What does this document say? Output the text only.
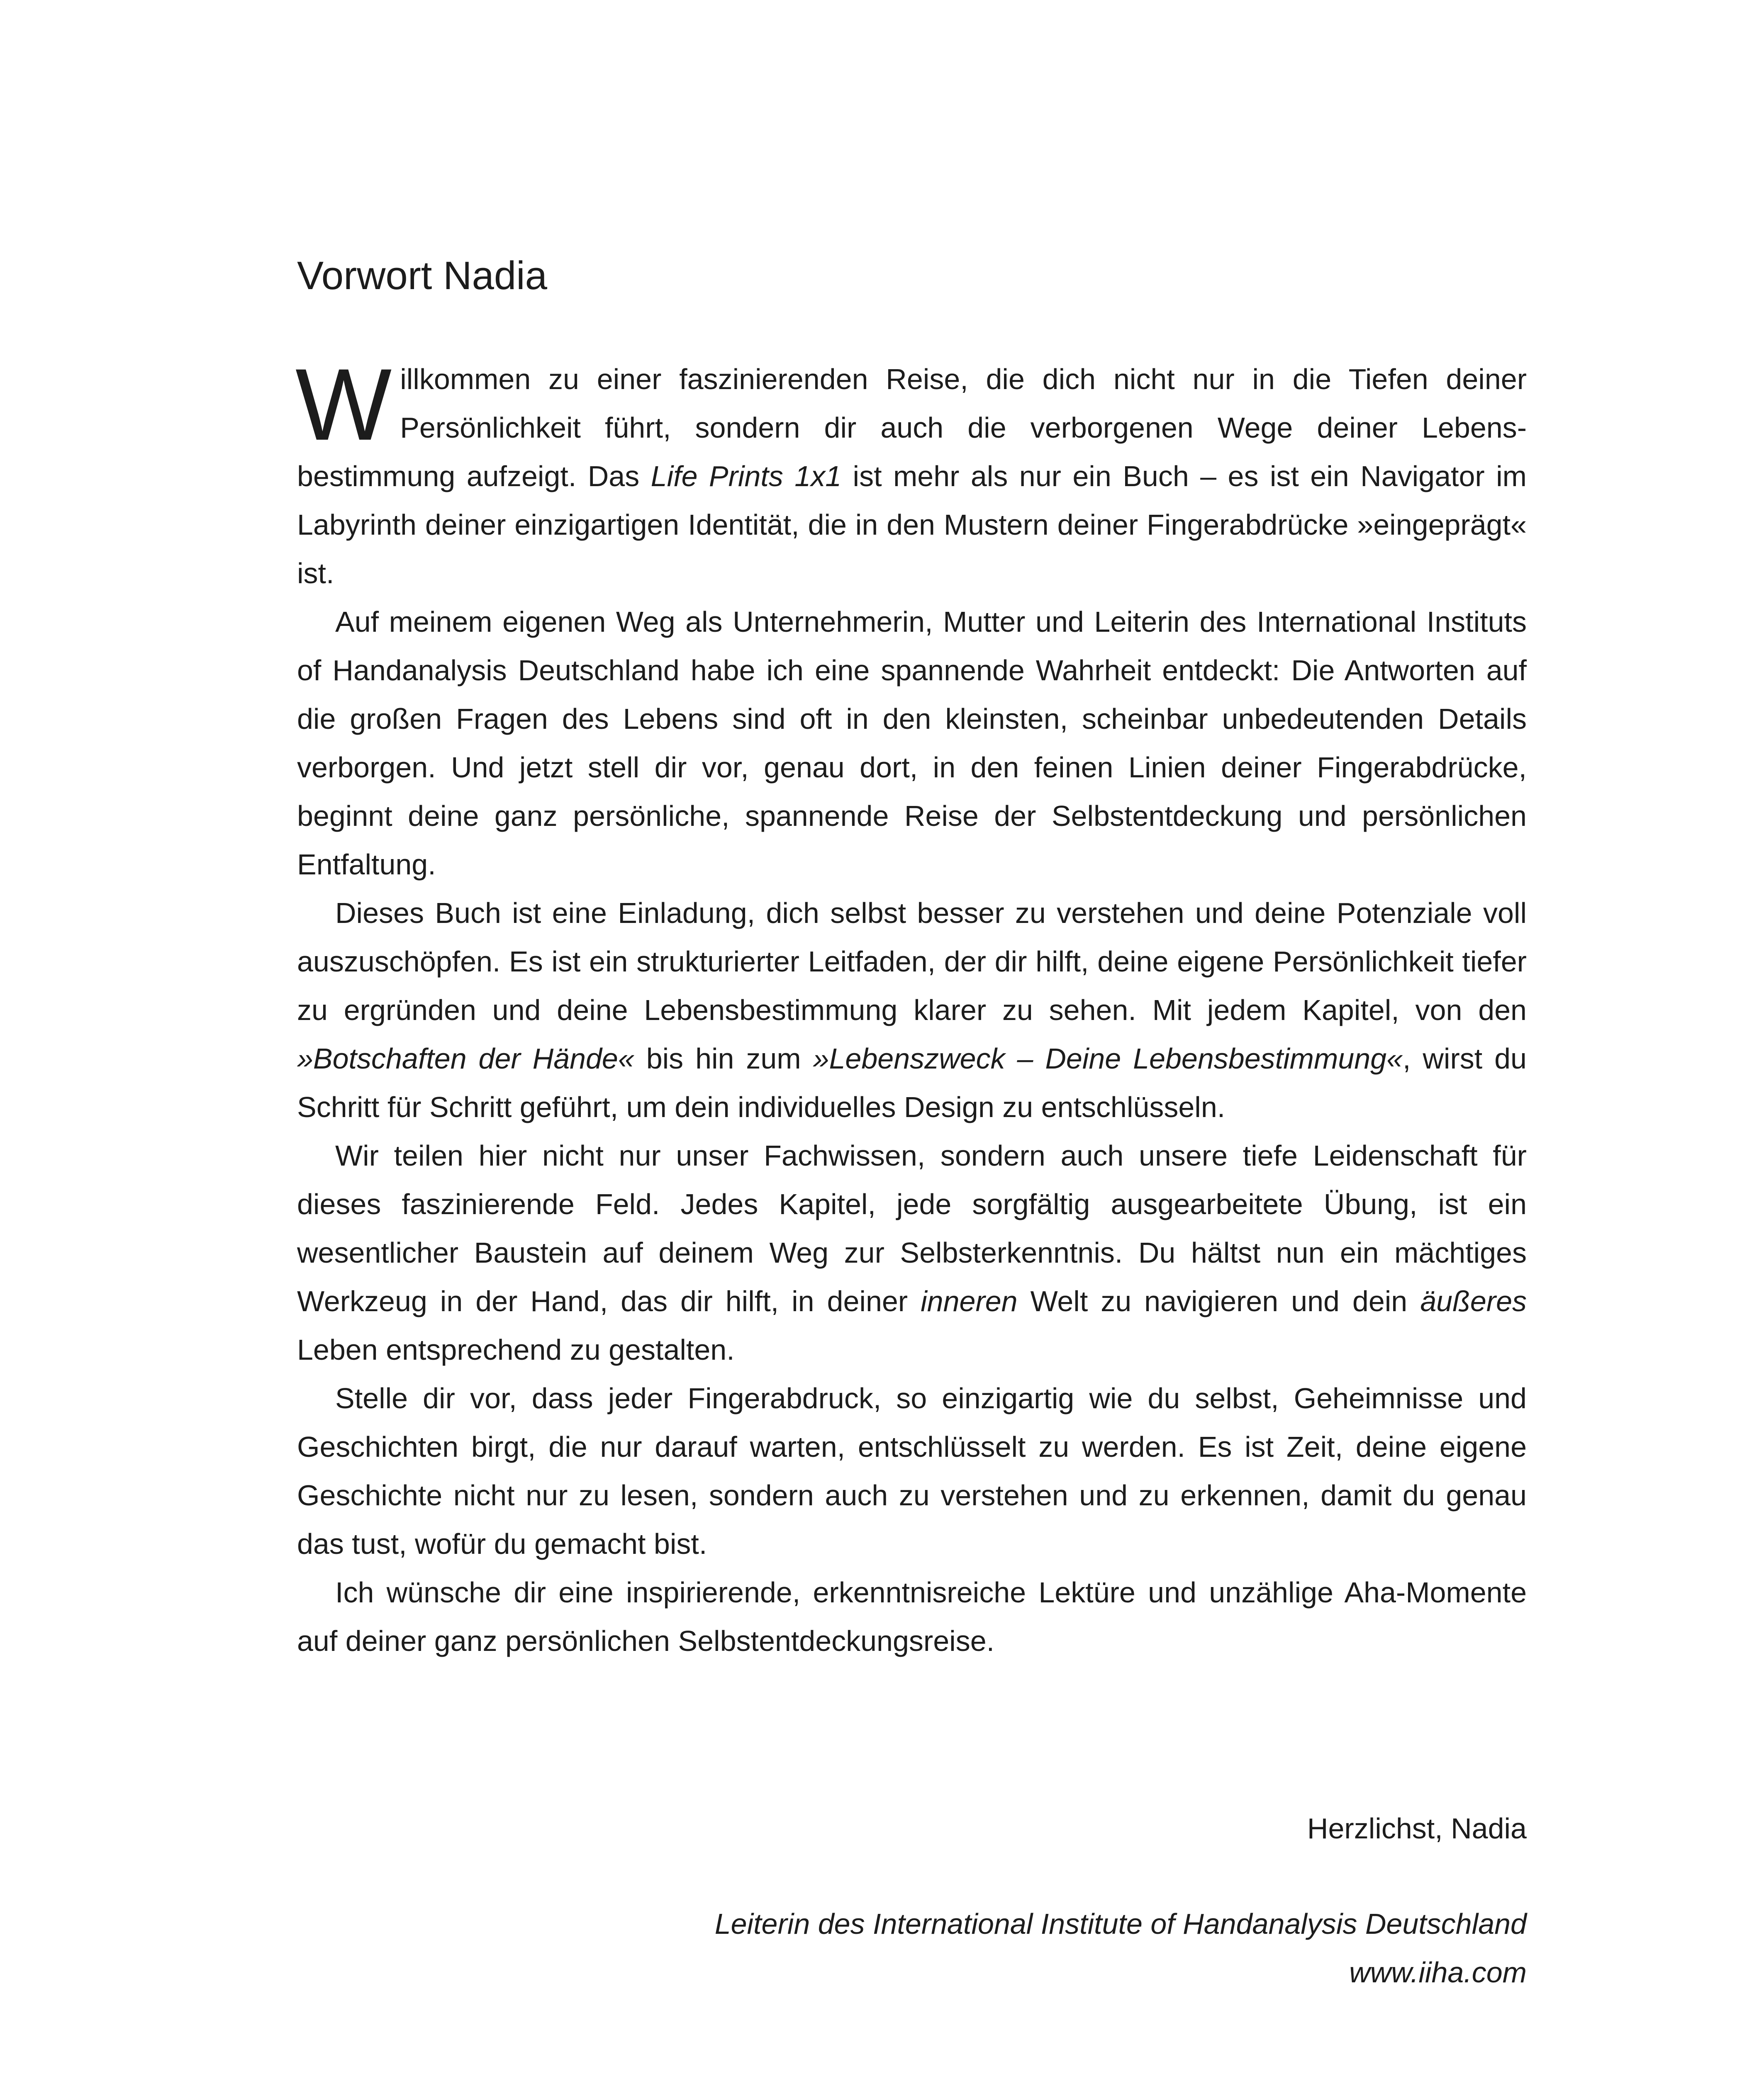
Vorwort Nadia

Willkommen zu einer faszinierenden Reise, die dich nicht nur in die Tiefen deiner Persönlichkeit führt, sondern dir auch die verborgenen Wege deiner Lebensbestimmung aufzeigt. Das Life Prints 1x1 ist mehr als nur ein Buch – es ist ein Navigator im Labyrinth deiner einzigartigen Identität, die in den Mustern deiner Fingerabdrücke »eingeprägt« ist.

Auf meinem eigenen Weg als Unternehmerin, Mutter und Leiterin des International Instituts of Handanalysis Deutschland habe ich eine spannende Wahrheit entdeckt: Die Antworten auf die großen Fragen des Lebens sind oft in den kleinsten, scheinbar unbedeutenden Details verborgen. Und jetzt stell dir vor, genau dort, in den feinen Linien deiner Fingerabdrücke, beginnt deine ganz persönliche, spannende Reise der Selbstentdeckung und persönlichen Entfaltung.

Dieses Buch ist eine Einladung, dich selbst besser zu verstehen und deine Potenziale voll auszuschöpfen. Es ist ein strukturierter Leitfaden, der dir hilft, deine eigene Persönlichkeit tiefer zu ergründen und deine Lebensbestimmung klarer zu sehen. Mit jedem Kapitel, von den »Botschaften der Hände« bis hin zum »Lebenszweck – Deine Lebensbestimmung«, wirst du Schritt für Schritt geführt, um dein individuelles Design zu entschlüsseln.

Wir teilen hier nicht nur unser Fachwissen, sondern auch unsere tiefe Leidenschaft für dieses faszinierende Feld. Jedes Kapitel, jede sorgfältig ausgearbeitete Übung, ist ein wesentlicher Baustein auf deinem Weg zur Selbsterkenntnis. Du hältst nun ein mächtiges Werkzeug in der Hand, das dir hilft, in deiner inneren Welt zu navigieren und dein äußeres Leben entsprechend zu gestalten.

Stelle dir vor, dass jeder Fingerabdruck, so einzigartig wie du selbst, Geheimnisse und Geschichten birgt, die nur darauf warten, entschlüsselt zu werden. Es ist Zeit, deine eigene Geschichte nicht nur zu lesen, sondern auch zu verstehen und zu erkennen, damit du genau das tust, wofür du gemacht bist.

Ich wünsche dir eine inspirierende, erkenntnisreiche Lektüre und unzählige Aha-Momente auf deiner ganz persönlichen Selbstentdeckungsreise.

Herzlichst, Nadia
Leiterin des International Institute of Handanalysis Deutschland
www.iiha.com
